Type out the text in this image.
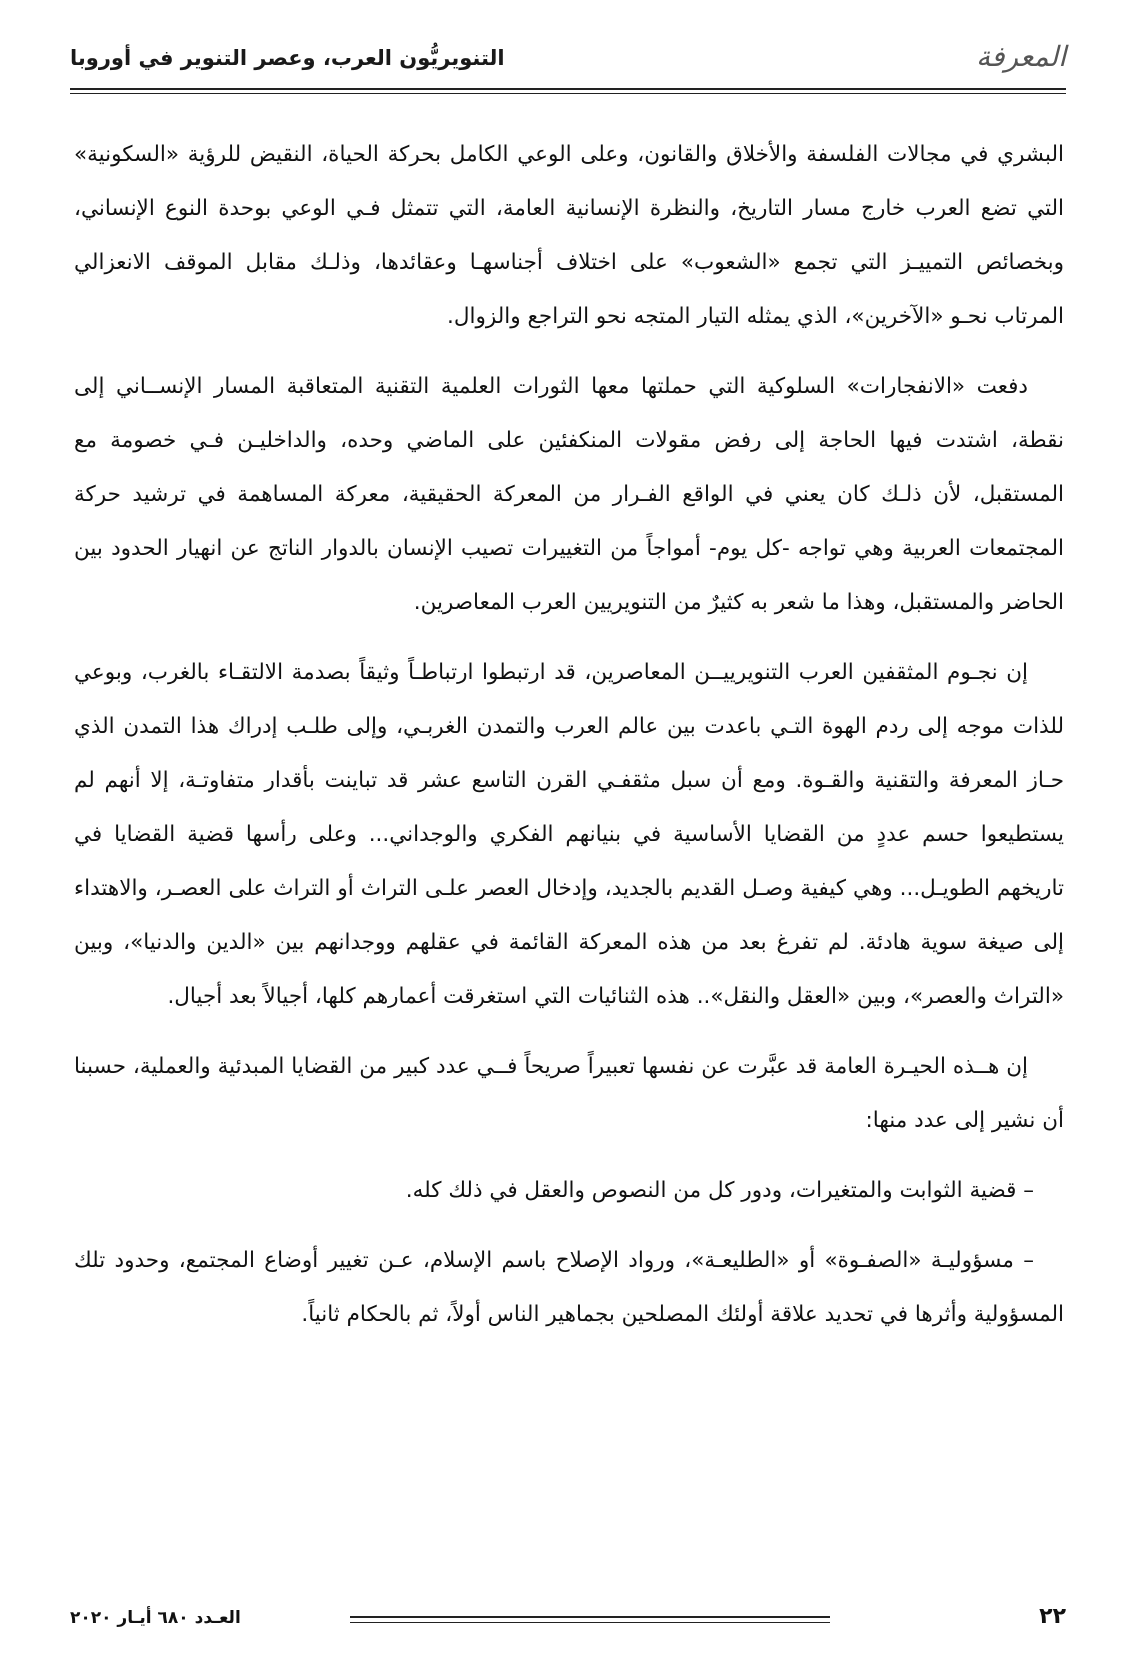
المعرفة
التنويريُّون العرب، وعصر التنوير في أوروبا

البشري في مجالات الفلسفة والأخلاق والقانون، وعلى الوعي الكامل بحركة الحياة، النقيض للرؤية «السكونية» التي تضع العرب خارج مسار التاريخ، والنظرة الإنسانية العامة، التي تتمثل فـي الوعي بوحدة النوع الإنساني، وبخصائص التمييـز التي تجمع «الشعوب» على اختلاف أجناسهـا وعقائدها، وذلـك مقابل الموقف الانعزالي المرتاب نحـو «الآخرين»، الذي يمثله التيار المتجه نحو التراجع والزوال.

دفعت «الانفجارات» السلوكية التي حملتها معها الثورات العلمية التقنية المتعاقبة المسار الإنســاني إلى نقطة، اشتدت فيها الحاجة إلى رفض مقولات المنكفئين على الماضي وحده، والداخليـن فـي خصومة مع المستقبل، لأن ذلـك كان يعني في الواقع الفـرار من المعركة الحقيقية، معركة المساهمة في ترشيد حركة المجتمعات العربية وهي تواجه -كل يوم- أمواجاً من التغييرات تصيب الإنسان بالدوار الناتج عن انهيار الحدود بين الحاضر والمستقبل، وهذا ما شعر به كثيرٌ من التنويريين العرب المعاصرين.

إن نجـوم المثقفين العرب التنويرييــن المعاصرين، قد ارتبطوا ارتباطـاً وثيقاً بصدمة الالتقـاء بالغرب، وبوعي للذات موجه إلى ردم الهوة التـي باعدت بين عالم العرب والتمدن الغربـي، وإلى طلـب إدراك هذا التمدن الذي حـاز المعرفة والتقنية والقـوة. ومع أن سبل مثقفـي القرن التاسع عشر قد تباينت بأقدار متفاوتـة، إلا أنهم لم يستطيعوا حسم عددٍ من القضايا الأساسية في بنيانهم الفكري والوجداني... وعلى رأسها قضية القضايا في تاريخهم الطويـل... وهي كيفية وصـل القديم بالجديد، وإدخال العصر علـى التراث أو التراث على العصـر، والاهتداء إلى صيغة سوية هادئة. لم تفرغ بعد من هذه المعركة القائمة في عقلهم ووجدانهم بين «الدين والدنيا»، وبين «التراث والعصر»، وبين «العقل والنقل».. هذه الثنائيات التي استغرقت أعمارهم كلها، أجيالاً بعد أجيال.

إن هــذه الحيـرة العامة قد عبَّرت عن نفسها تعبيراً صريحاً فــي عدد كبير من القضايا المبدئية والعملية، حسبنا أن نشير إلى عدد منها:

– قضية الثوابت والمتغيرات، ودور كل من النصوص والعقل في ذلك كله.

– مسؤوليـة «الصفـوة» أو «الطليعـة»، ورواد الإصلاح باسم الإسلام، عـن تغيير أوضاع المجتمع، وحدود تلك المسؤولية وأثرها في تحديد علاقة أولئك المصلحين بجماهير الناس أولاً، ثم بالحكام ثانياً.

٢٢
العـدد ٦٨٠ أيـار ٢٠٢٠
